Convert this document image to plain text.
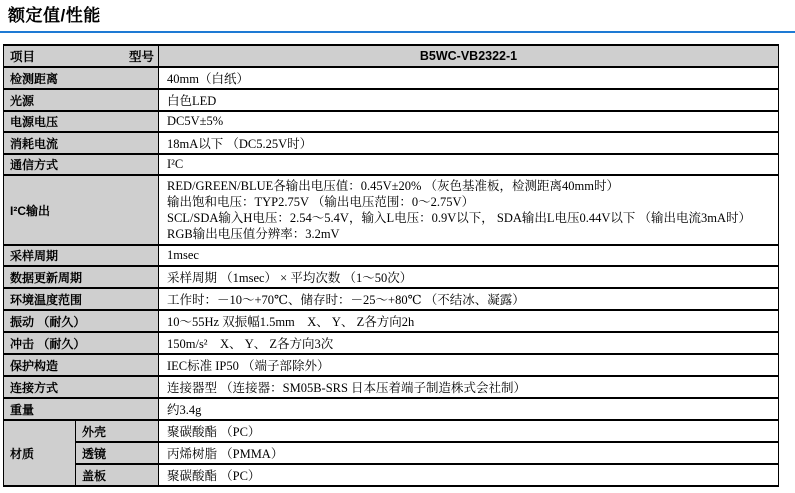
额定值/性能
项目 型号		B5WC-VB2322-1
检测距离		40mm（白纸）
光源		白色LED
电源电压		DC5V±5%
消耗电流		18mA以下 （DC5.25V时）
通信方式		I²C
I²C输出		RED/GREEN/BLUE各输出电压值：0.45V±20% （灰色基准板，检测距离40mm时）
输出饱和电压：TYP2.75V （输出电压范围：0～2.75V）
SCL/SDA输入H电压：2.54～5.4V，输入L电压：0.9V以下， SDA输出L电压0.44V以下 （输出电流3mA时）
RGB输出电压值分辨率：3.2mV

采样周期		1msec
数据更新周期		采样周期 （1msec） × 平均次数 （1～50次）
环境温度范围		工作时：－10～+70℃、储存时：－25～+80℃ （不结冰、凝露）
振动 （耐久）		10～55Hz 双振幅1.5mm　X、 Y、 Z各方向2h
冲击 （耐久）		150m/s²　X、 Y、 Z各方向3次
保护构造		IEC标准 IP50 （端子部除外）
连接方式		连接器型 （连接器：SM05B-SRS 日本压着端子制造株式会社制）
重量		约3.4g
材质	外壳	聚碳酸酯 （PC）
	透镜	丙烯树脂 （PMMA）
	盖板	聚碳酸酯 （PC）
